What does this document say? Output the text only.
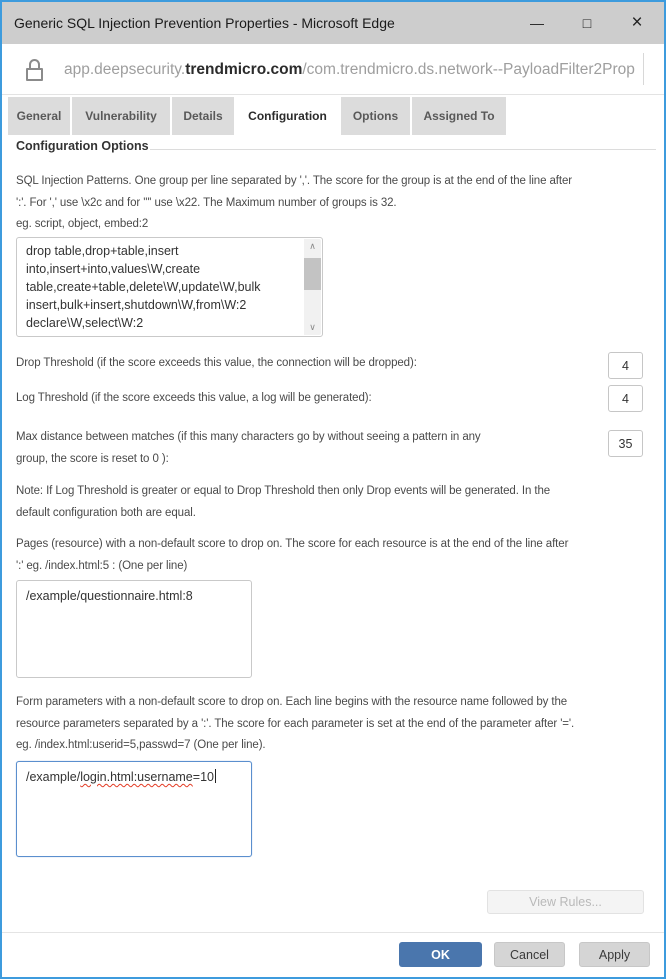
Generic SQL Injection Prevention Properties - Microsoft Edge	—	□ ×
app.deepsecurity.trendmicro.com/com.trendmicro.ds.network--PayloadFilter2Prop
General	Vulnerability	Details	Configuration	Options	Assigned To
Configuration Options
SQL Injection Patterns. One group per line separated by ','. The score for the group is at the end of the line after
':'. For ',' use \x2c and for '"' use \x22. The Maximum number of groups is 32.
eg. script, object, embed:2
drop table,drop+table,insert
into,insert+into,values\W,create
table,create+table,delete\W,update\W,bulk
insert,bulk+insert,shutdown\W,from\W:2
declare\W,select\W:2
∧
∨
Drop Threshold (if the score exceeds this value, the connection will be dropped):
4
Log Threshold (if the score exceeds this value, a log will be generated):
4
Max distance between matches (if this many characters go by without seeing a pattern in any
group, the score is reset to 0 ):
35
Note: If Log Threshold is greater or equal to Drop Threshold then only Drop events will be generated. In the
default configuration both are equal.
Pages (resource) with a non-default score to drop on. The score for each resource is at the end of the line after
':' eg. /index.html:5 : (One per line)
/example/questionnaire.html:8
Form parameters with a non-default score to drop on. Each line begins with the resource name followed by the
resource parameters separated by a ':'. The score for each parameter is set at the end of the parameter after '='.
eg. /index.html:userid=5,passwd=7 (One per line).
/example/login.html:username=10
View Rules...
OK	Cancel	Apply
